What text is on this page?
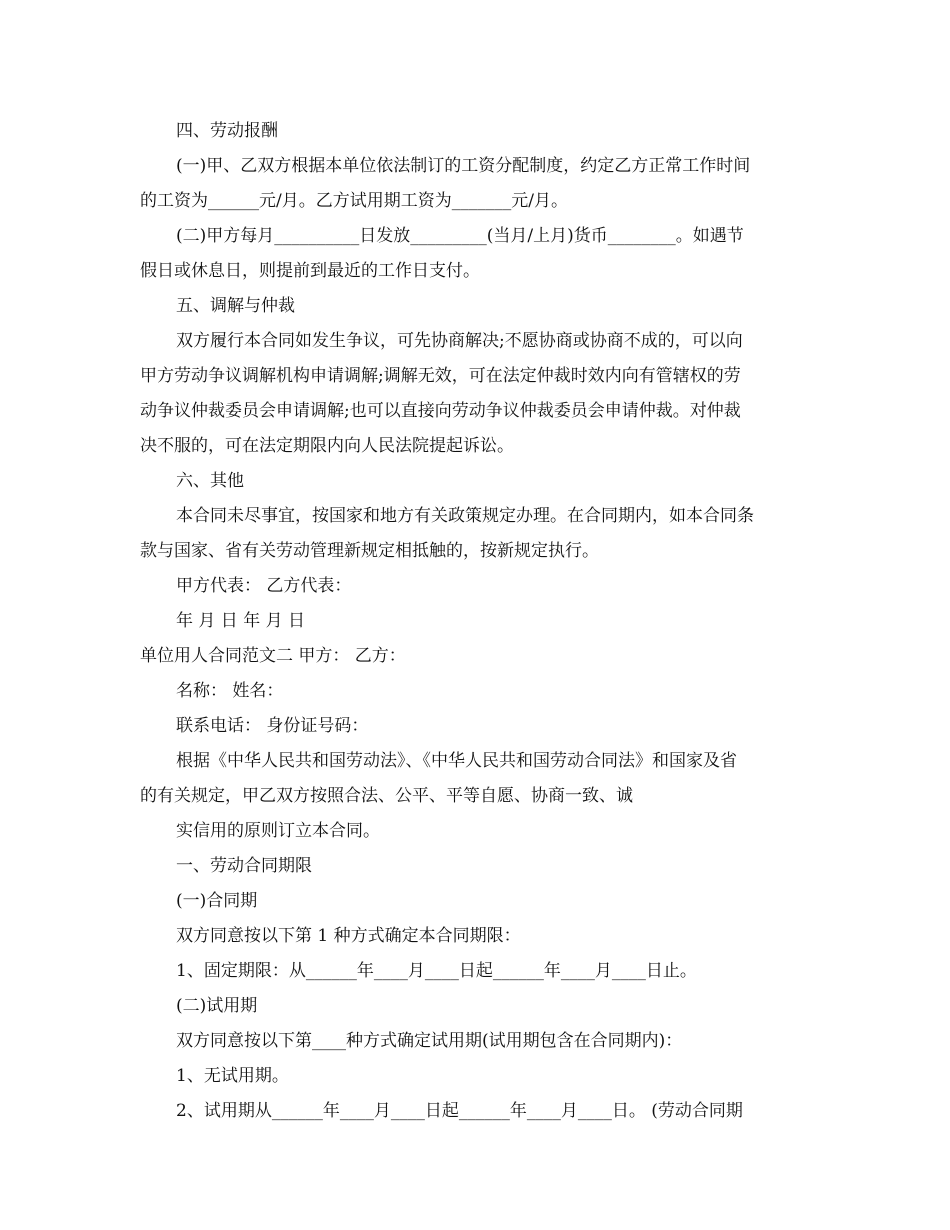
四、劳动报酬
(一)甲、乙双方根据本单位依法制订的工资分配制度，约定乙方正常工作时间
的工资为______元/月。乙方试用期工资为_______元/月。
(二)甲方每月__________日发放_________(当月/上月)货币________。如遇节
假日或休息日，则提前到最近的工作日支付。
五、调解与仲裁
双方履行本合同如发生争议，可先协商解决;不愿协商或协商不成的，可以向
甲方劳动争议调解机构申请调解;调解无效，可在法定仲裁时效内向有管辖权的劳
动争议仲裁委员会申请调解;也可以直接向劳动争议仲裁委员会申请仲裁。对仲裁
决不服的，可在法定期限内向人民法院提起诉讼。
六、其他
本合同未尽事宜，按国家和地方有关政策规定办理。在合同期内，如本合同条
款与国家、省有关劳动管理新规定相抵触的，按新规定执行。
甲方代表： 乙方代表：
年 月 日 年 月 日
单位用人合同范文二 甲方： 乙方：
名称： 姓名：
联系电话： 身份证号码：
根据《中华人民共和国劳动法》、《中华人民共和国劳动合同法》和国家及省
的有关规定，甲乙双方按照合法、公平、平等自愿、协商一致、诚
实信用的原则订立本合同。
一、劳动合同期限
(一)合同期
双方同意按以下第 1 种方式确定本合同期限：
1、固定期限：从______年____月____日起______年____月____日止。
(二)试用期
双方同意按以下第____种方式确定试用期(试用期包含在合同期内)：
1、无试用期。
2、试用期从______年____月____日起______年____月____日。 (劳动合同期
